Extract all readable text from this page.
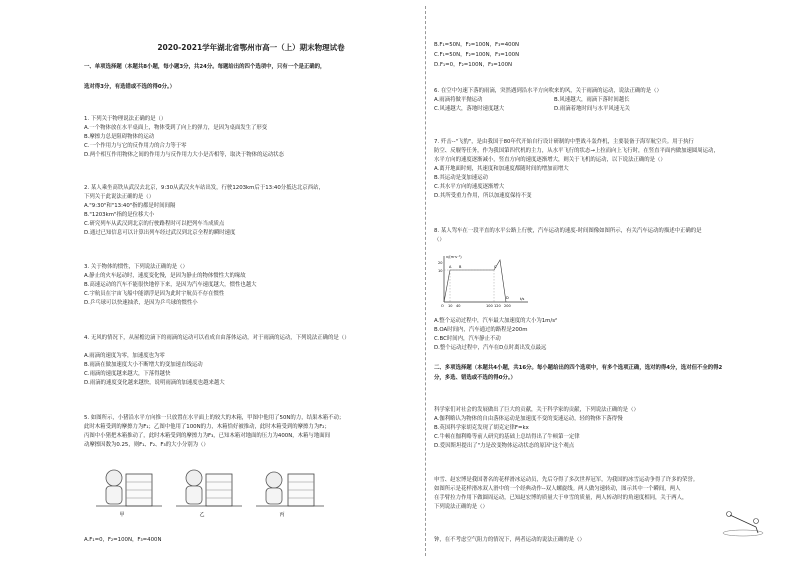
2020-2021学年湖北省鄂州市高一（上）期末物理试卷
一、单项选择题（本题共8小题，每小题3分，共24分。每题给出的四个选项中，只有一个是正确的，
选对得3分，有选错或不选的得0分。）
1. 下列关于物理说法正确的是（）
A.一个物体放在水平桌面上，物体受到了向上的弹力，是因为桌面发生了形变
B.摩擦力总是阻碍物体的运动
C.一个作用力与它的反作用力的合力等于零
D.两个相互作用物体之间的作用力与反作用力大小是否相等，取决于物体的运动状态
2. 某人乘坐高铁从武汉去北京，9:30从武汉火车站出发，行驶1203km后于13:40分抵达北京西站，
下列关于此说法正确的是（）
A."9:30"和"13:40"指的都是时间间隔
B."1203km"指的是位移大小
C.研究列车从武汉到北京的行驶路程时可以把列车当成质点
D.通过已知信息可以计算出列车经过武汉到北京全程的瞬时速度
3. 关于物体的惯性，下列说法正确的是（）
A.静止的火车起动时，速度变化慢，是因为静止的物体惯性大的缘故
B.高速运动的汽车不能很快地停下来，是因为汽车速度越大，惯性也越大
C.宇航员在宇宙飞船中能漂浮是因为此时宇航员不存在惯性
D.乒乓球可以快速抽杀，是因为乒乓球的惯性小
4. 无风的情况下，从屋檐边滴下的雨滴的运动可以看成自由落体运动，对于雨滴的运动，下列说法正确的是（）
A.雨滴的速度为零，加速度也为零
B.雨滴在做加速度大小不断增大的变加速直线运动
C.雨滴的速度越来越大，下落得越快
D.雨滴的速度变化越来越快，说明雨滴的加速度也越来越大
5. 如图所示，小猪沿水平方向推一只放置在水平面上的较大的木箱，甲图中他用了50N的力，结果木箱不动；
此时木箱受到的摩擦力为F₁；乙图中他用了100N的力，木箱恰好被推动，此时木箱受到的摩擦力为F₂；
丙图中小猪把木箱推动了，此时木箱受到的摩擦力为F₃，已知木箱对地面的压力为400N，木箱与地面间
动摩擦因数为0.25，则F₁、F₂、F₃的大小分别为（）
A.F₁=0，F₂=100N，F₃=400N
甲	乙	丙
B.F₁=50N，F₂=100N，F₃=400N
C.F₁=50N，F₂=100N，F₃=100N
D.F₁=0，F₂=100N，F₃=100N
6. 在空中匀速下落的雨滴，突然遇到沿水平方向吹来的风，关于雨滴的运动，说法正确的是（）
A.雨滴将做平抛运动
C.风速越大，落地时速度越大
7. 歼击--"飞豹"，是由我国于80年代开始自行设计研制的中型战斗轰炸机，主要装备于海军航空兵。用于执行
防空、反舰等任务，作为我国第四代机的主力，从水平飞行的状态→上拉而向上飞行时，在竖直平面内做加速圆周运动，
水平方向的速度逐渐减小，竖直方向的速度逐渐增大，则关于飞机的运动，以下说法正确的是（）
A.离开地面时刻，其速度和加速度都随时间的增加而增大
B.其运动是变加速运动
C.其水平方向的速度逐渐增大
D.其所受重力作用，所以加速度保持不变
8. 某人驾车在一段平直的水平公路上行驶，汽车运动的速度-时间图像如图所示，有关汽车运动的描述中正确的是
（）
A.整个运动过程中，汽车最大加速度的大小为1m/s²
B.OA时间内，汽车通过的路程是200m
C.BC时间内，汽车静止不动
D.整个运动过程中，汽车在D点时离出发点最远
二、多项选择题（本题共4小题，共16分。每小题给出的四个选项中，有多个选项正确，选对的得4分，选对但不全的得2
分，多选、错选或不选的得0分。）
科学家们对社会的发展做出了巨大的贡献，关于科学家的贡献，下列说法正确的是（）
A.伽利略认为物体的自由落体运动是加速度不变的变速运动，轻的物体下落得慢
B.英国科学家胡克发现了胡克定律F=kx
C.牛顿在伽利略等前人研究的基础上总结得出了牛顿第一定律
D.爱因斯坦提出了"力是改变物体运动状态的原因"这个观点
申雪、赵宏博是我国著名的花样滑冰运动员，先后夺得了多次世界冠军，为我国的冰雪运动争得了许多的荣誉。
如图所示是花样滑冰双人滑中的一个经典动作--双人螺旋线。两人做匀速转动，图示其中一个瞬间，两人
在手臂拉力作用下做圆周运动，已知赵宏博的质量大于申雪的质量，两人转动时的角速度相同，关于两人，
下列说法正确的是（）
钟，在不考虑空气阻力的情况下，两者运动的说法正确的是（）
B.风速越大，雨滴下落时间越长
D.雨滴着地时间与水平风速无关
v/(m·s⁻¹)
t/s
20
10
O 10 40	100 120 200
A B	C
D
